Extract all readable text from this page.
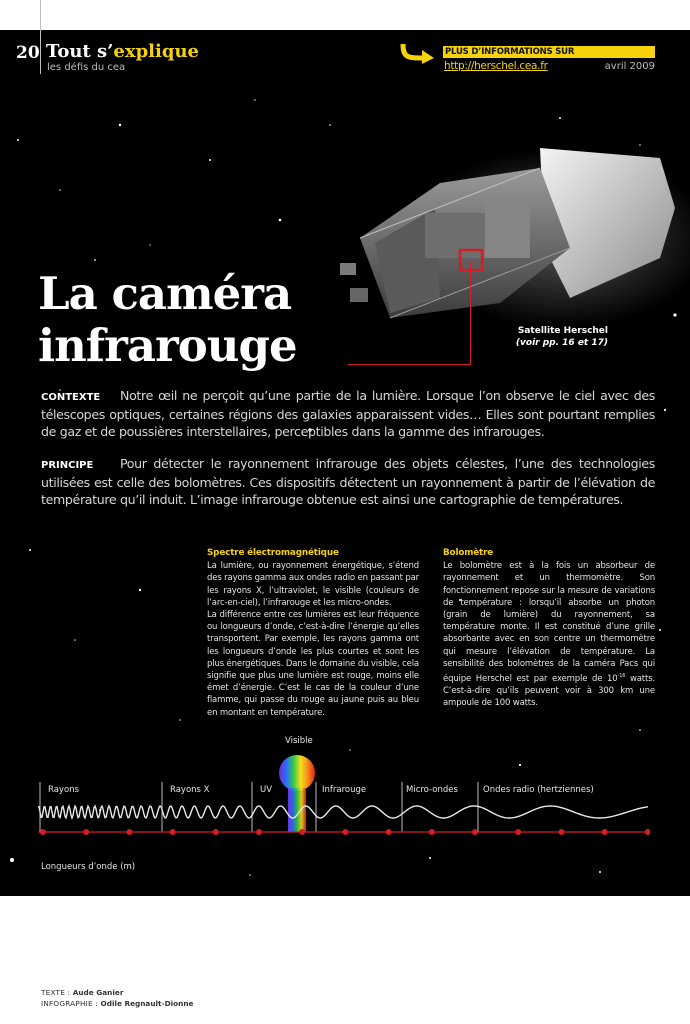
20 Tout s’explique
les défis du cea
PLUS D’INFORMATIONS SUR
http://herschel.cea.fr	avril 2009
Satellite Herschel
(voir pp. 16 et 17)
La caméra
infrarouge
CONTEXTE Notre œil ne perçoit qu’une partie de la lumière. Lorsque l’on observe le ciel avec des télescopes optiques, certaines régions des galaxies apparaissent vides… Elles sont pourtant remplies de gaz et de poussières interstellaires, perceptibles dans la gamme des infrarouges.
PRINCIPE Pour détecter le rayonnement infrarouge des objets célestes, l’une des technologies utilisées est celle des bolomètres. Ces dispositifs détectent un rayonnement à partir de l’élévation de température qu’il induit. L’image infrarouge obtenue est ainsi une cartographie de températures.
Spectre électromagnétique
La lumière, ou rayonnement énergétique, s’étend des rayons gamma aux ondes radio en passant par les rayons X, l’ultraviolet, le visible (couleurs de l’arc-en-ciel), l’infrarouge et les micro-ondes.
La différence entre ces lumières est leur fréquence ou longueurs d’onde, c’est-à-dire l’énergie qu’elles transportent. Par exemple, les rayons gamma ont les longueurs d’onde les plus courtes et sont les plus énergétiques. Dans le domaine du visible, cela signifie que plus une lumière est rouge, moins elle émet d’énergie. C’est le cas de la couleur d’une flamme, qui passe du rouge au jaune puis au bleu en montant en température.
Bolomètre
Le bolomètre est à la fois un absorbeur de rayonnement et un thermomètre. Son fonctionnement repose sur la mesure de variations de température : lorsqu’il absorbe un photon (grain de lumière) du rayonnement, sa température monte. Il est constitué d’une grille absorbante avec en son centre un thermomètre qui mesure l’élévation de température. La sensibilité des bolomètres de la caméra Pacs qui équipe Herschel est par exemple de $10^{-16}$ watts. C’est-à-dire qu’ils peuvent voir à 300 km une ampoule de 100 watts.
Visible
Rayons	Rayons X	UV	Infrarouge	Micro-ondes	Ondes radio (hertziennes)
Longueurs d’onde (m)
TEXTE : Aude Ganier
INFOGRAPHIE : Odile Regnault-Dionne
